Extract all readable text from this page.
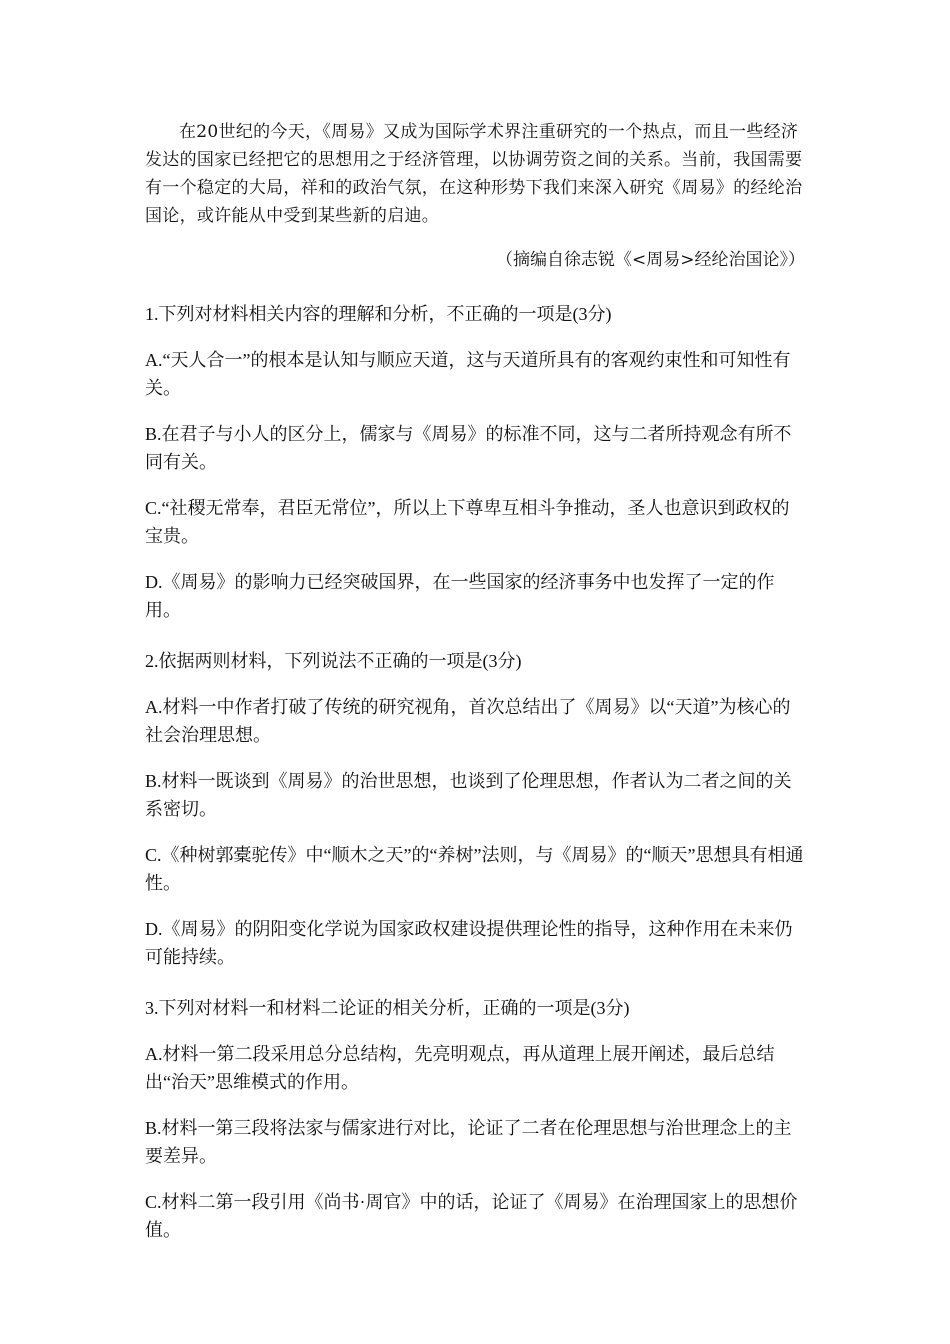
在20世纪的今天，《周易》又成为国际学术界注重研究的一个热点，而且一些经济发达的国家已经把它的思想用之于经济管理，以协调劳资之间的关系。当前，我国需要有一个稳定的大局，祥和的政治气氛，在这种形势下我们来深入研究《周易》的经纶治国论，或许能从中受到某些新的启迪。

（摘编自徐志锐《<周易>经纶治国论》）

1.下列对材料相关内容的理解和分析，不正确的一项是(3分)

A.“天人合一”的根本是认知与顺应天道，这与天道所具有的客观约束性和可知性有关。

B.在君子与小人的区分上，儒家与《周易》的标准不同，这与二者所持观念有所不同有关。

C.“社稷无常奉，君臣无常位”，所以上下尊卑互相斗争推动，圣人也意识到政权的宝贵。

D.《周易》的影响力已经突破国界，在一些国家的经济事务中也发挥了一定的作用。

2.依据两则材料，下列说法不正确的一项是(3分)

A.材料一中作者打破了传统的研究视角，首次总结出了《周易》以“天道”为核心的社会治理思想。

B.材料一既谈到《周易》的治世思想，也谈到了伦理思想，作者认为二者之间的关系密切。

C.《种树郭橐驼传》中“顺木之天”的“养树”法则，与《周易》的“顺天”思想具有相通性。

D.《周易》的阴阳变化学说为国家政权建设提供理论性的指导，这种作用在未来仍可能持续。

3.下列对材料一和材料二论证的相关分析，正确的一项是(3分)

A.材料一第二段采用总分总结构，先亮明观点，再从道理上展开阐述，最后总结出“治天”思维模式的作用。

B.材料一第三段将法家与儒家进行对比，论证了二者在伦理思想与治世理念上的主要差异。

C.材料二第一段引用《尚书·周官》中的话，论证了《周易》在治理国家上的思想价值。
